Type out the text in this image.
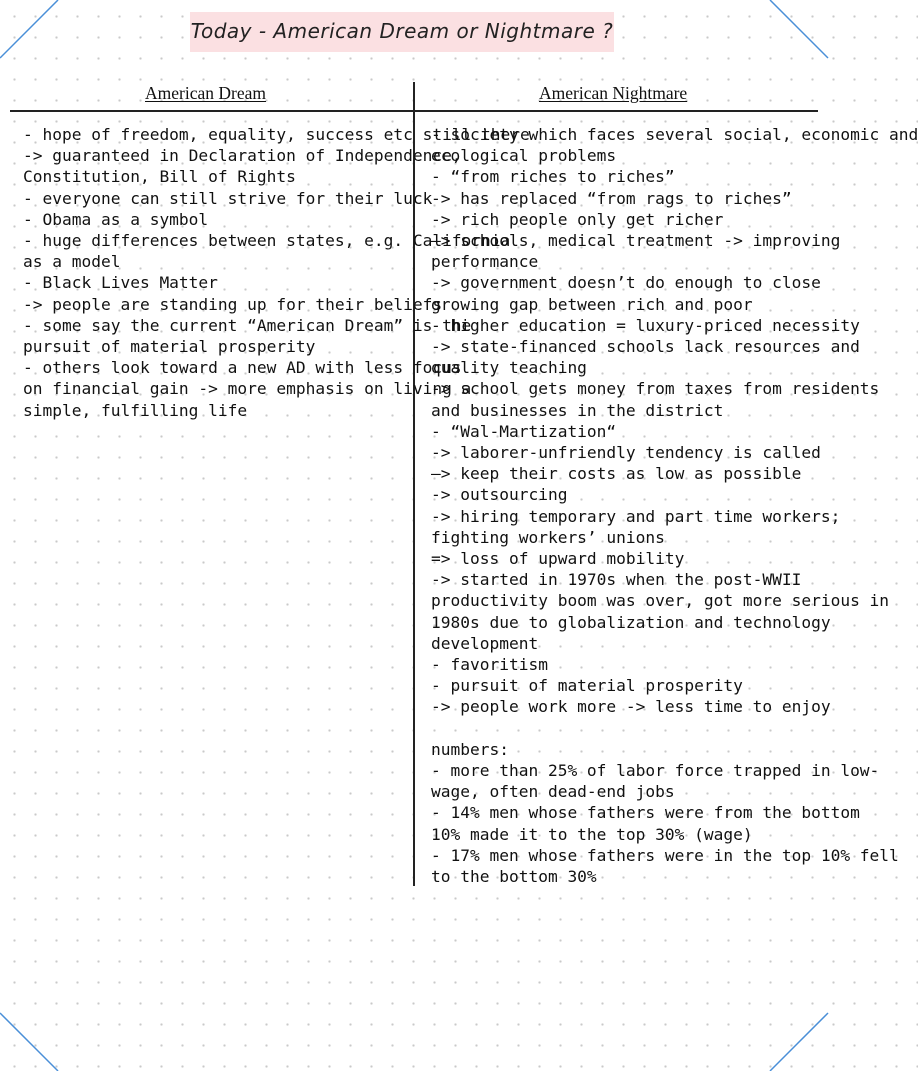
Today - American Dream or Nightmare ?
American Dream	American Nightmare
- hope of freedom, equality, success etc still there
-> guaranteed in Declaration of Independence,
Constitution, Bill of Rights
- everyone can still strive for their luck
- Obama as a symbol
- huge differences between states, e.g. California
as a model
- Black Lives Matter
-> people are standing up for their beliefs
- some say the current “American Dream” is the
pursuit of material prosperity
- others look toward a new AD with less focus
on financial gain -> more emphasis on living a
simple, fulfilling life
- society which faces several social, economic and
ecological problems
- “from riches to riches”
-> has replaced “from rags to riches”
-> rich people only get richer
—> schools, medical treatment -> improving
performance
-> government doesn’t do enough to close
growing gap between rich and poor
- higher education = luxury-priced necessity
-> state-financed schools lack resources and
quality teaching
-> school gets money from taxes from residents
and businesses in the district
- “Wal-Martization“
-> laborer-unfriendly tendency is called
—> keep their costs as low as possible
-> outsourcing
-> hiring temporary and part time workers;
fighting workers’ unions
=> loss of upward mobility
-> started in 1970s when the post-WWII
productivity boom was over, got more serious in
1980s due to globalization and technology
development
- favoritism
- pursuit of material prosperity
-> people work more -> less time to enjoy
numbers:
- more than 25% of labor force trapped in low-
wage, often dead-end jobs
- 14% men whose fathers were from the bottom
10% made it to the top 30% (wage)
- 17% men whose fathers were in the top 10% fell
to the bottom 30%
